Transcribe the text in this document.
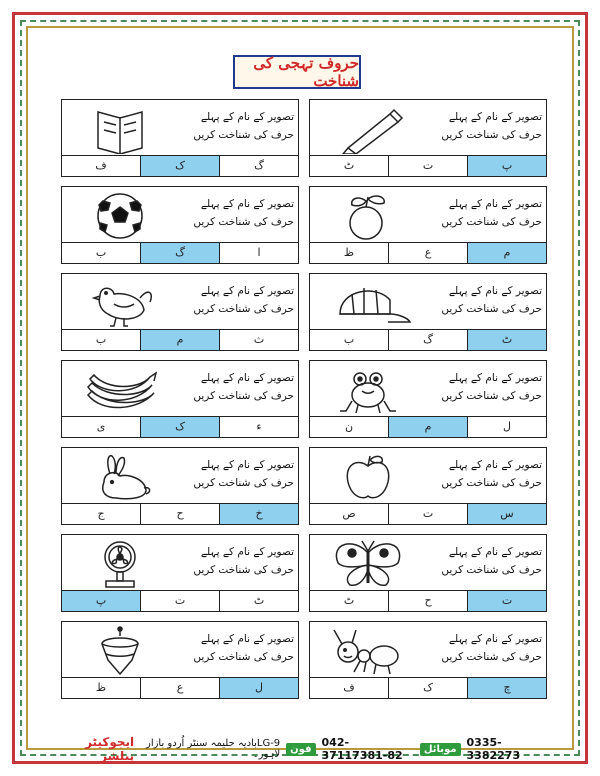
حروف تہجی کی شناخت
تصویر کے نام کے پہلے حرف کی شناخت کریں
پ
ت
ٹ
تصویر کے نام کے پہلے حرف کی شناخت کریں
گ
ک
ف
تصویر کے نام کے پہلے حرف کی شناخت کریں
م
ع
ظ
تصویر کے نام کے پہلے حرف کی شناخت کریں
ا
گ
ب
تصویر کے نام کے پہلے حرف کی شناخت کریں
ٹ
گ
ب
تصویر کے نام کے پہلے حرف کی شناخت کریں
ث
م
ب
تصویر کے نام کے پہلے حرف کی شناخت کریں
ل
م
ن
تصویر کے نام کے پہلے حرف کی شناخت کریں
ء
ک
ی
تصویر کے نام کے پہلے حرف کی شناخت کریں
س
ت
ص
تصویر کے نام کے پہلے حرف کی شناخت کریں
خ
ح
ج
تصویر کے نام کے پہلے حرف کی شناخت کریں
ت
ح
ٹ
تصویر کے نام کے پہلے حرف کی شناخت کریں
ٹ
ت
پ
تصویر کے نام کے پہلے حرف کی شناخت کریں
چ
ک
ف
تصویر کے نام کے پہلے حرف کی شناخت کریں
ل
ع
ظ
ایجوکیٹر پبلشر
LG-9بادیہ حلیمہ سنٹر اُردو بازار لاہور۔	فون 042-37117381-82	موبائل 0335-3382273
